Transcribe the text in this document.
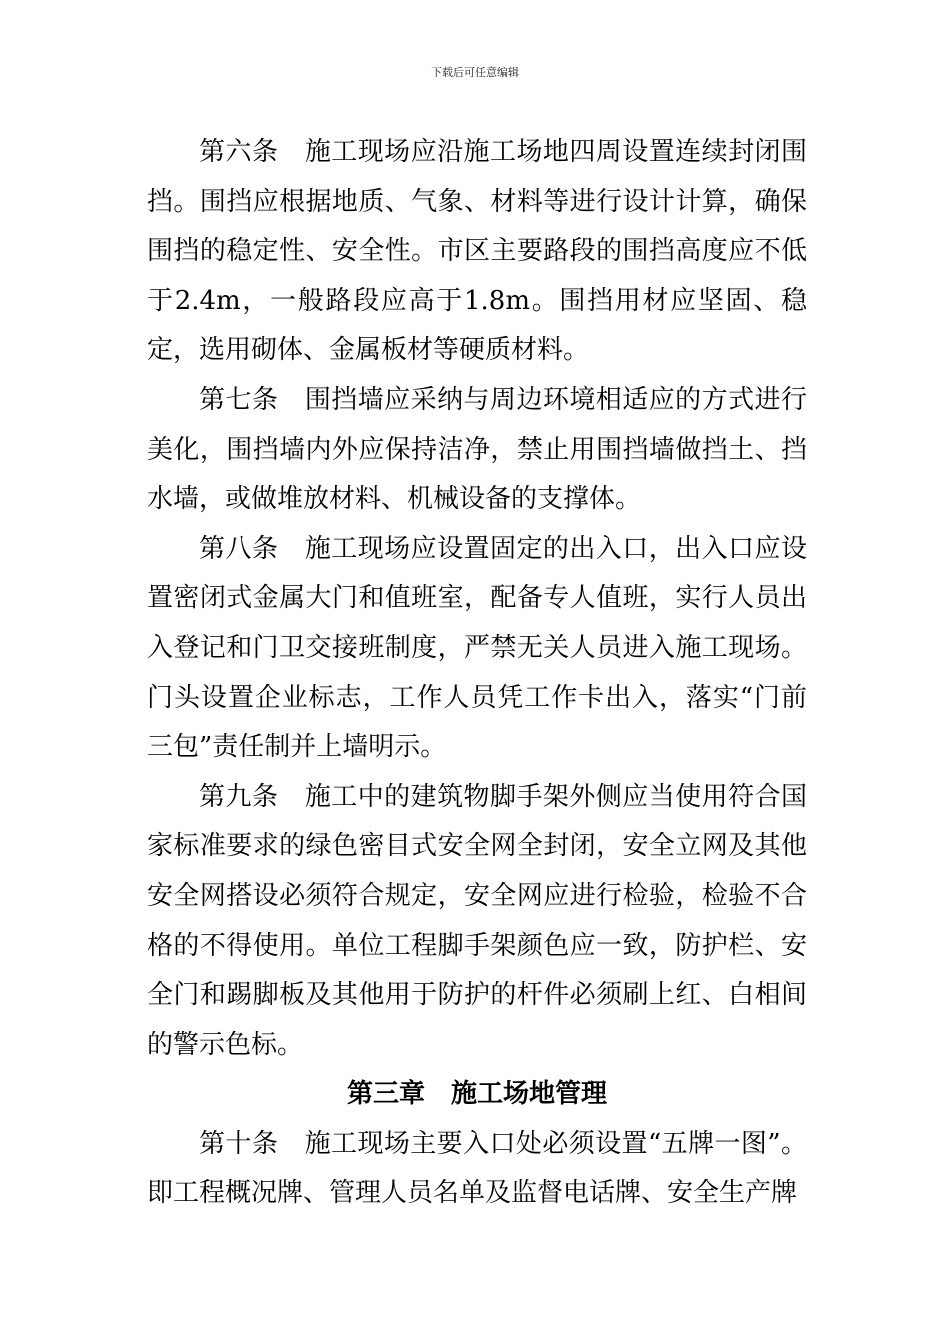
下载后可任意编辑

第六条　施工现场应沿施工场地四周设置连续封闭围挡。围挡应根据地质、气象、材料等进行设计计算，确保围挡的稳定性、安全性。市区主要路段的围挡高度应不低于2.4m，一般路段应高于1.8m。围挡用材应坚固、稳定，选用砌体、金属板材等硬质材料。

第七条　围挡墙应采纳与周边环境相适应的方式进行美化，围挡墙内外应保持洁净，禁止用围挡墙做挡土、挡水墙，或做堆放材料、机械设备的支撑体。

第八条　施工现场应设置固定的出入口，出入口应设置密闭式金属大门和值班室，配备专人值班，实行人员出入登记和门卫交接班制度，严禁无关人员进入施工现场。门头设置企业标志，工作人员凭工作卡出入，落实“门前三包”责任制并上墙明示。

第九条　施工中的建筑物脚手架外侧应当使用符合国家标准要求的绿色密目式安全网全封闭，安全立网及其他安全网搭设必须符合规定，安全网应进行检验，检验不合格的不得使用。单位工程脚手架颜色应一致，防护栏、安全门和踢脚板及其他用于防护的杆件必须刷上红、白相间的警示色标。

第三章　施工场地管理

第十条　施工现场主要入口处必须设置“五牌一图”。即工程概况牌、管理人员名单及监督电话牌、安全生产牌
